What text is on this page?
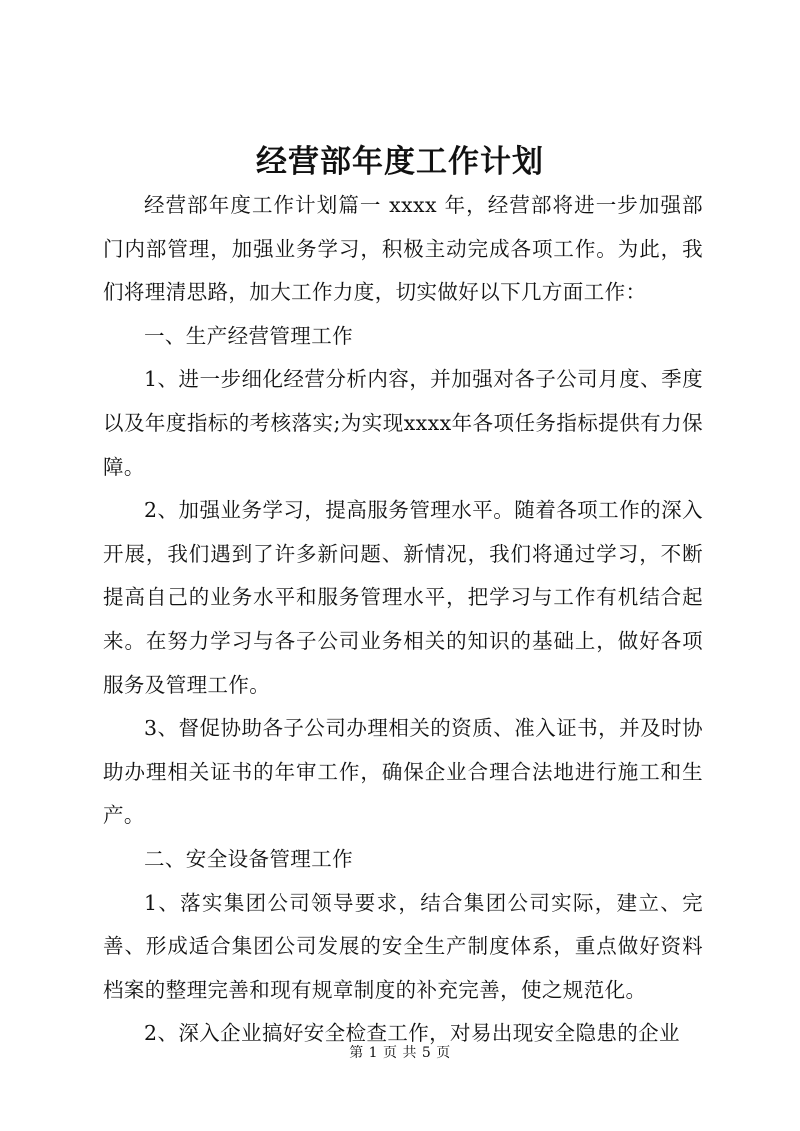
经营部年度工作计划

经营部年度工作计划篇一 xxxx 年，经营部将进一步加强部门内部管理，加强业务学习，积极主动完成各项工作。为此，我们将理清思路，加大工作力度，切实做好以下几方面工作：

一、生产经营管理工作

1、进一步细化经营分析内容，并加强对各子公司月度、季度以及年度指标的考核落实;为实现xxxx年各项任务指标提供有力保障。

2、加强业务学习，提高服务管理水平。随着各项工作的深入开展，我们遇到了许多新问题、新情况，我们将通过学习，不断提高自己的业务水平和服务管理水平，把学习与工作有机结合起来。在努力学习与各子公司业务相关的知识的基础上，做好各项服务及管理工作。

3、督促协助各子公司办理相关的资质、准入证书，并及时协助办理相关证书的年审工作，确保企业合理合法地进行施工和生产。

二、安全设备管理工作

1、落实集团公司领导要求，结合集团公司实际，建立、完善、形成适合集团公司发展的安全生产制度体系，重点做好资料档案的整理完善和现有规章制度的补充完善，使之规范化。

2、深入企业搞好安全检查工作，对易出现安全隐患的企业

第 1 页 共 5 页
